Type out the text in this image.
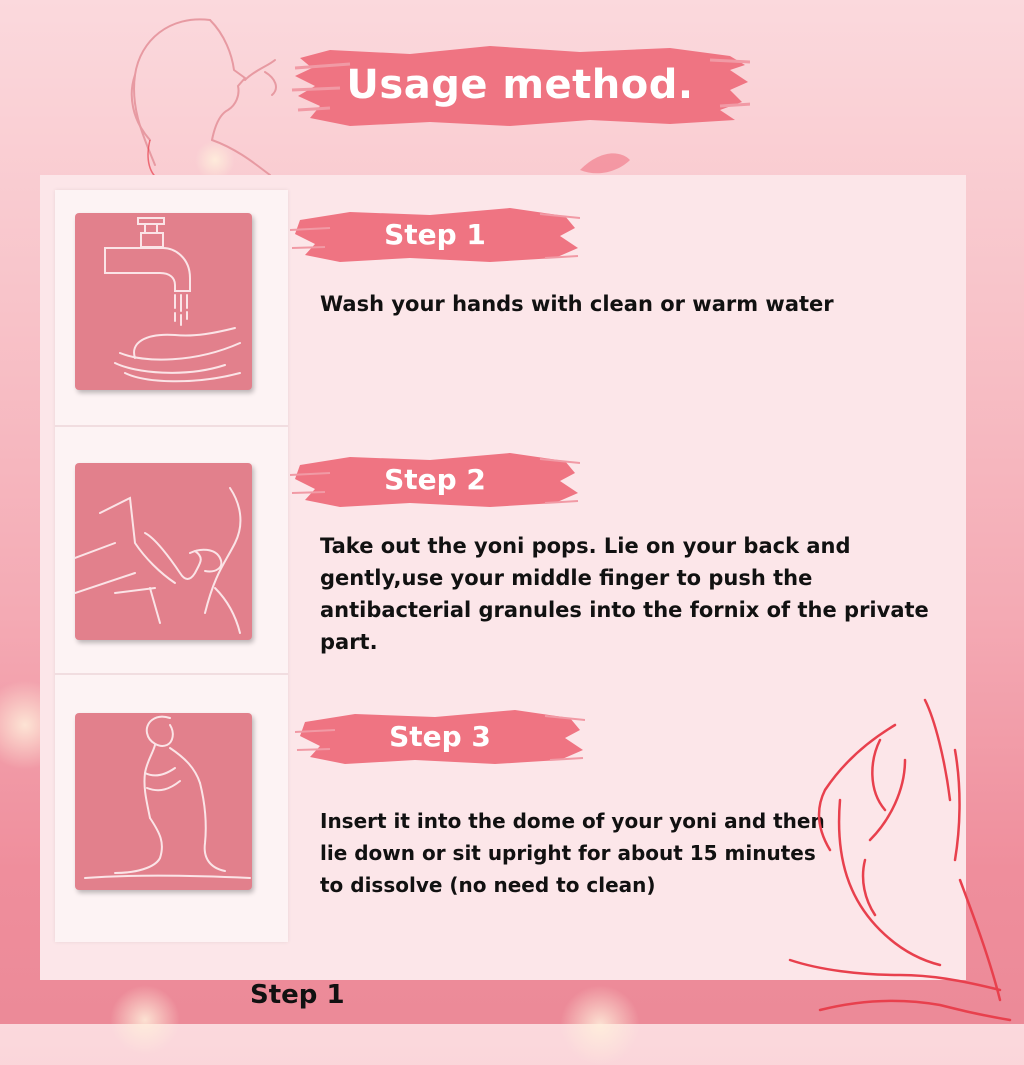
Usage method.
Step 1
Step 2
Step 3
Wash your hands with clean or warm water
Take out the yoni pops. Lie on your back and gently,use your middle finger to push the antibacterial granules into the fornix of the private part.
Insert it into the dome of your yoni and then lie down or sit upright for about 15 minutes to dissolve (no need to clean)
Step 1
